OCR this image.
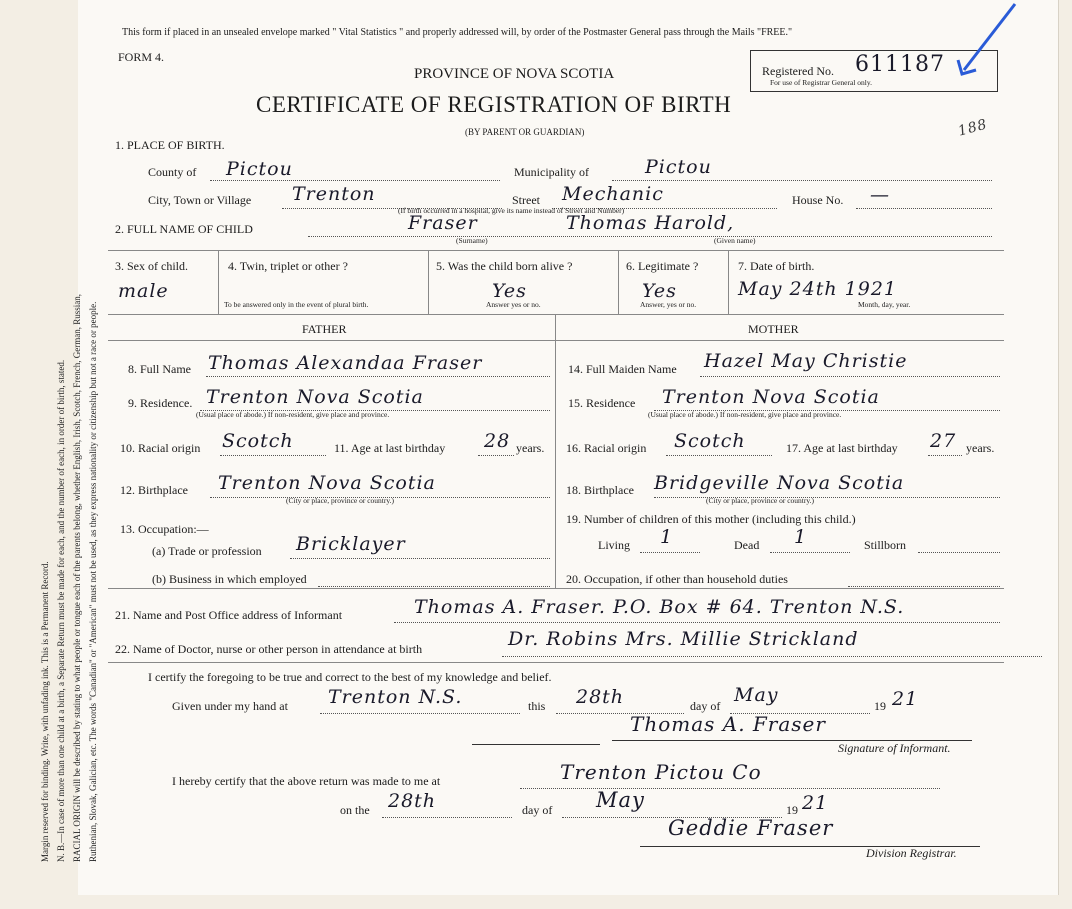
Margin reserved for binding. Write, with unfading ink. This is a Permanent Record. N. B.—In case of more than one child at a birth, a Separate Return must be made for each, and the number of each, in order of birth, stated. RACIAL ORIGIN will be described by stating to what people or tongue each of the parents belong, whether English, Irish, Scotch, French, German, Russian, Ruthenian, Slovak, Galician, etc. The words "Canadian" or "American" must not be used, as they express nationality or citizenship but not a race or people.
This form if placed in an unsealed envelope marked " Vital Statistics " and properly addressed will, by order of the Postmaster General pass through the Mails "FREE."
FORM 4.
PROVINCE OF NOVA SCOTIA
CERTIFICATE OF REGISTRATION OF BIRTH
(BY PARENT OR GUARDIAN)
Registered No. 611187
For use of Registrar General only.
188
1. PLACE OF BIRTH.
County of Pictou	Municipality of	Pictou
City, Town or Village Trenton	Street Mechanic	House No. —
(If birth occurred in a hospital, give its name instead of Street and Number)
2. FULL NAME OF CHILD	Fraser	Thomas Harold,
(Surname)	(Given name)
3. Sex of child.
male
4. Twin, triplet or other ?
To be answered only in the event of plural birth.
5. Was the child born alive ?
Yes
Answer yes or no.
6. Legitimate ?
Yes
Answer, yes or no.
7. Date of birth.
May 24th 1921
Month, day, year.
FATHER	MOTHER
8. Full Name Thomas Alexandaa Fraser
9. Residence. Trenton Nova Scotia
(Usual place of abode.) If non-resident, give place and province.
10. Racial origin Scotch	11. Age at last birthday 28 years.
12. Birthplace Trenton Nova Scotia
(City or place, province or country.)
13. Occupation:—
(a) Trade or profession Bricklayer
(b) Business in which employed
14. Full Maiden Name Hazel May Christie
15. Residence Trenton Nova Scotia
(Usual place of abode.) If non-resident, give place and province.
16. Racial origin Scotch	17. Age at last birthday 27 years.
18. Birthplace Bridgeville Nova Scotia
(City or place, province or country.)
19. Number of children of this mother (including this child.)
Living 1	Dead 1	Stillborn
20. Occupation, if other than household duties
21. Name and Post Office address of Informant	Thomas A. Fraser. P.O. Box # 64. Trenton N.S.
22. Name of Doctor, nurse or other person in attendance at birth	Dr. Robins Mrs. Millie Strickland
I certify the foregoing to be true and correct to the best of my knowledge and belief.
Given under my hand at Trenton N.S.	this 28th	day of May	19 21
Thomas A. Fraser
Signature of Informant.
I hereby certify that the above return was made to me at	Trenton Pictou Co
on the 28th	day of May	19 21
Geddie Fraser
Division Registrar.
